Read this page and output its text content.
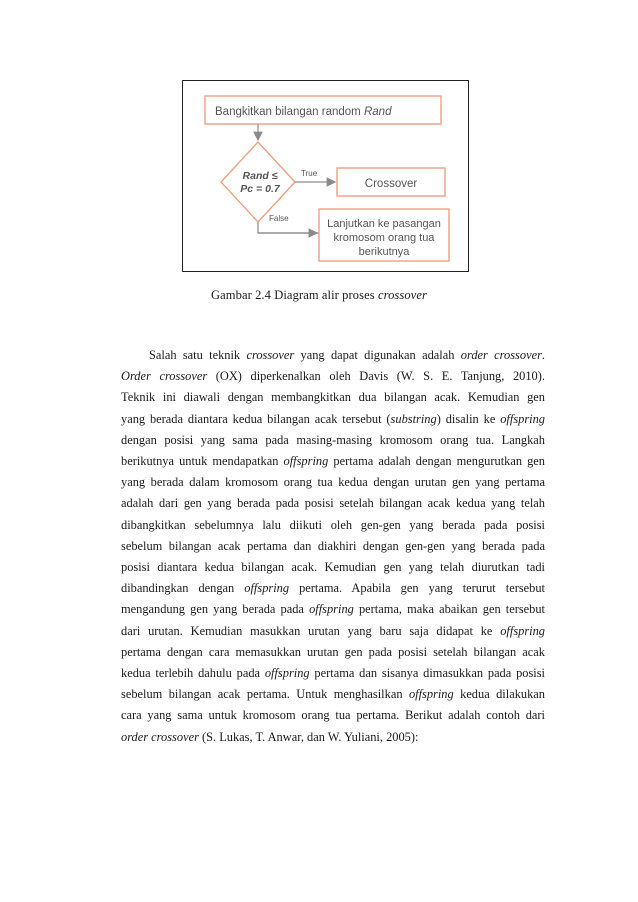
Bangkitkan bilangan random Rand
Rand ≤
Pc = 0.7
True
Crossover
False	Lanjutkan ke pasangan
kromosom orang tua
berikutnya
Gambar 2.4 Diagram alir proses crossover
Salah satu teknik crossover yang dapat digunakan adalah order crossover.
Order crossover (OX) diperkenalkan oleh Davis (W. S. E. Tanjung, 2010).
Teknik ini diawali dengan membangkitkan dua bilangan acak. Kemudian gen
yang berada diantara kedua bilangan acak tersebut (substring) disalin ke offspring
dengan posisi yang sama pada masing-masing kromosom orang tua. Langkah
berikutnya untuk mendapatkan offspring pertama adalah dengan mengurutkan gen
yang berada dalam kromosom orang tua kedua dengan urutan gen yang pertama
adalah dari gen yang berada pada posisi setelah bilangan acak kedua yang telah
dibangkitkan sebelumnya lalu diikuti oleh gen-gen yang berada pada posisi
sebelum bilangan acak pertama dan diakhiri dengan gen-gen yang berada pada
posisi diantara kedua bilangan acak. Kemudian gen yang telah diurutkan tadi
dibandingkan dengan offspring pertama. Apabila gen yang terurut tersebut
mengandung gen yang berada pada offspring pertama, maka abaikan gen tersebut
dari urutan. Kemudian masukkan urutan yang baru saja didapat ke offspring
pertama dengan cara memasukkan urutan gen pada posisi setelah bilangan acak
kedua terlebih dahulu pada offspring pertama dan sisanya dimasukkan pada posisi
sebelum bilangan acak pertama. Untuk menghasilkan offspring kedua dilakukan
cara yang sama untuk kromosom orang tua pertama. Berikut adalah contoh dari
order crossover (S. Lukas, T. Anwar, dan W. Yuliani, 2005):
